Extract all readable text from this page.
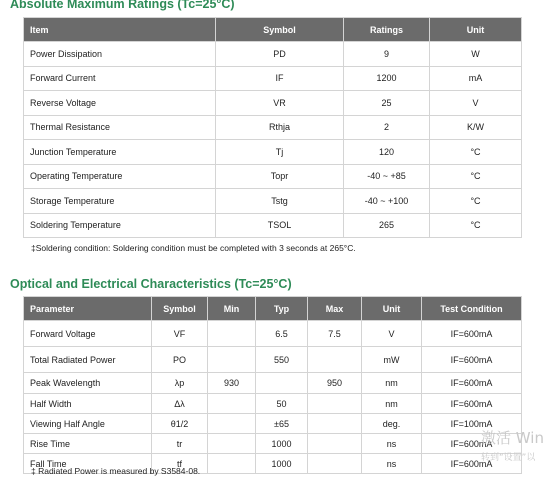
Absolute Maximum Ratings (Tc=25°C)
Item	Symbol	Ratings	Unit
Power Dissipation	PD	9	W
Forward Current	IF	1200	mA
Reverse Voltage	VR	25	V
Thermal Resistance	Rthja	2	K/W
Junction Temperature	Tj	120	°C
Operating Temperature	Topr	-40 ~ +85	°C
Storage Temperature	Tstg	-40 ~ +100	°C
Soldering Temperature	TSOL	265	°C
‡Soldering condition: Soldering condition must be completed with 3 seconds at 265°C.
Optical and Electrical Characteristics (Tc=25°C)
Parameter	Symbol	Min	Typ	Max	Unit	Test Condition
Forward Voltage	VF		6.5	7.5	V	IF=600mA
Total Radiated Power	PO		550		mW	IF=600mA
Peak Wavelength	λp	930		950	nm	IF=600mA
Half Width	Δλ		50		nm	IF=600mA
Viewing Half Angle	θ1/2		±65		deg.	IF=100mA
Rise Time	tr		1000		ns	IF=600mA
Fall Time	tf		1000		ns	IF=600mA
‡ Radiated Power is measured by S3584-08.
激活 Win
转到“设置”以
